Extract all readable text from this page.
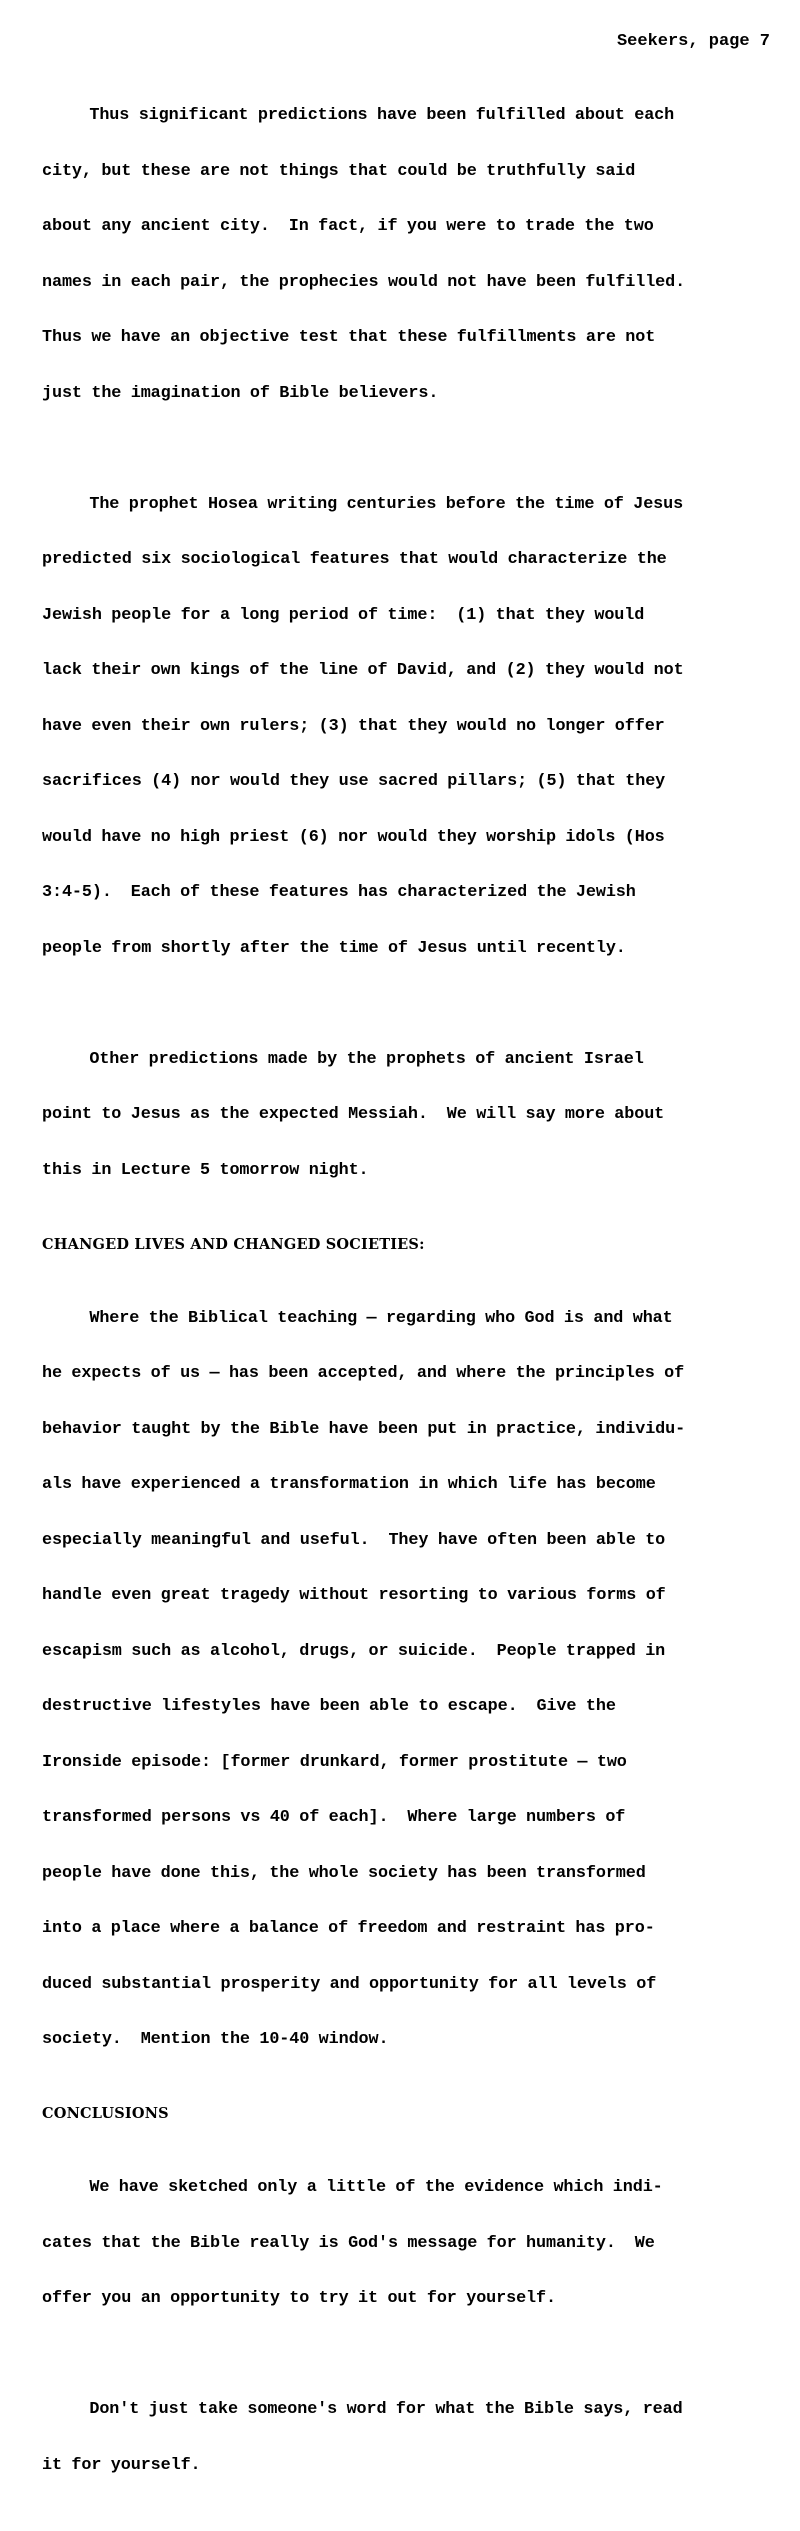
Seekers, page 7

Thus significant predictions have been fulfilled about each

city, but these are not things that could be truthfully said

about any ancient city.  In fact, if you were to trade the two

names in each pair, the prophecies would not have been fulfilled.

Thus we have an objective test that these fulfillments are not

just the imagination of Bible believers.

The prophet Hosea writing centuries before the time of Jesus

predicted six sociological features that would characterize the

Jewish people for a long period of time:  (1) that they would

lack their own kings of the line of David, and (2) they would not

have even their own rulers; (3) that they would no longer offer

sacrifices (4) nor would they use sacred pillars; (5) that they

would have no high priest (6) nor would they worship idols (Hos

3:4-5).  Each of these features has characterized the Jewish

people from shortly after the time of Jesus until recently.

Other predictions made by the prophets of ancient Israel

point to Jesus as the expected Messiah.  We will say more about

this in Lecture 5 tomorrow night.

CHANGED LIVES AND CHANGED SOCIETIES:

Where the Biblical teaching — regarding who God is and what

he expects of us — has been accepted, and where the principles of

behavior taught by the Bible have been put in practice, individu-

als have experienced a transformation in which life has become

especially meaningful and useful.  They have often been able to

handle even great tragedy without resorting to various forms of

escapism such as alcohol, drugs, or suicide.  People trapped in

destructive lifestyles have been able to escape.  Give the

Ironside episode: [former drunkard, former prostitute — two

transformed persons vs 40 of each].  Where large numbers of

people have done this, the whole society has been transformed

into a place where a balance of freedom and restraint has pro-

duced substantial prosperity and opportunity for all levels of

society.  Mention the 10-40 window.

CONCLUSIONS

We have sketched only a little of the evidence which indi-

cates that the Bible really is God's message for humanity.  We

offer you an opportunity to try it out for yourself.

Don't just take someone's word for what the Bible says, read

it for yourself.
